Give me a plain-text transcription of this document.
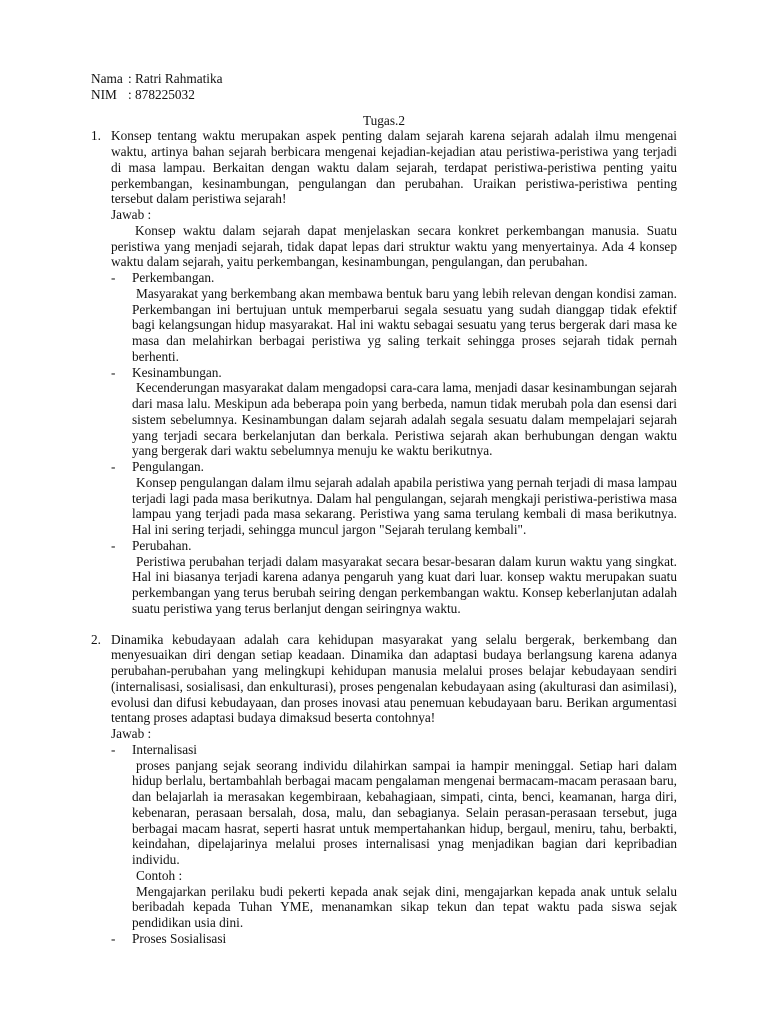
Nama : Ratri Rahmatika
NIM : 878225032
Tugas.2
1. Konsep tentang waktu merupakan aspek penting dalam sejarah karena sejarah adalah ilmu mengenai waktu, artinya bahan sejarah berbicara mengenai kejadian-kejadian atau peristiwa-peristiwa yang terjadi di masa lampau. Berkaitan dengan waktu dalam sejarah, terdapat peristiwa-peristiwa penting yaitu perkembangan, kesinambungan, pengulangan dan perubahan. Uraikan peristiwa-peristiwa penting tersebut dalam peristiwa sejarah!
Jawab :
Konsep waktu dalam sejarah dapat menjelaskan secara konkret perkembangan manusia. Suatu peristiwa yang menjadi sejarah, tidak dapat lepas dari struktur waktu yang menyertainya. Ada 4 konsep waktu dalam sejarah, yaitu perkembangan, kesinambungan, pengulangan, dan perubahan.
- Perkembangan.
Masyarakat yang berkembang akan membawa bentuk baru yang lebih relevan dengan kondisi zaman. Perkembangan ini bertujuan untuk memperbarui segala sesuatu yang sudah dianggap tidak efektif bagi kelangsungan hidup masyarakat. Hal ini waktu sebagai sesuatu yang terus bergerak dari masa ke masa dan melahirkan berbagai peristiwa yg saling terkait sehingga proses sejarah tidak pernah berhenti.
- Kesinambungan.
Kecenderungan masyarakat dalam mengadopsi cara-cara lama, menjadi dasar kesinambungan sejarah dari masa lalu. Meskipun ada beberapa poin yang berbeda, namun tidak merubah pola dan esensi dari sistem sebelumnya. Kesinambungan dalam sejarah adalah segala sesuatu dalam mempelajari sejarah yang terjadi secara berkelanjutan dan berkala. Peristiwa sejarah akan berhubungan dengan waktu yang bergerak dari waktu sebelumnya menuju ke waktu berikutnya.
- Pengulangan.
Konsep pengulangan dalam ilmu sejarah adalah apabila peristiwa yang pernah terjadi di masa lampau terjadi lagi pada masa berikutnya. Dalam hal pengulangan, sejarah mengkaji peristiwa-peristiwa masa lampau yang terjadi pada masa sekarang. Peristiwa yang sama terulang kembali di masa berikutnya. Hal ini sering terjadi, sehingga muncul jargon "Sejarah terulang kembali".
- Perubahan.
Peristiwa perubahan terjadi dalam masyarakat secara besar-besaran dalam kurun waktu yang singkat. Hal ini biasanya terjadi karena adanya pengaruh yang kuat dari luar. konsep waktu merupakan suatu perkembangan yang terus berubah seiring dengan perkembangan waktu. Konsep keberlanjutan adalah suatu peristiwa yang terus berlanjut dengan seiringnya waktu.
2. Dinamika kebudayaan adalah cara kehidupan masyarakat yang selalu bergerak, berkembang dan menyesuaikan diri dengan setiap keadaan. Dinamika dan adaptasi budaya berlangsung karena adanya perubahan-perubahan yang melingkupi kehidupan manusia melalui proses belajar kebudayaan sendiri (internalisasi, sosialisasi, dan enkulturasi), proses pengenalan kebudayaan asing (akulturasi dan asimilasi), evolusi dan difusi kebudayaan, dan proses inovasi atau penemuan kebudayaan baru. Berikan argumentasi tentang proses adaptasi budaya dimaksud beserta contohnya!
Jawab :
- Internalisasi
proses panjang sejak seorang individu dilahirkan sampai ia hampir meninggal. Setiap hari dalam hidup berlalu, bertambahlah berbagai macam pengalaman mengenai bermacam-macam perasaan baru, dan belajarlah ia merasakan kegembiraan, kebahagiaan, simpati, cinta, benci, keamanan, harga diri, kebenaran, perasaan bersalah, dosa, malu, dan sebagianya. Selain perasan-perasaan tersebut, juga berbagai macam hasrat, seperti hasrat untuk mempertahankan hidup, bergaul, meniru, tahu, berbakti, keindahan, dipelajarinya melalui proses internalisasi ynag menjadikan bagian dari kepribadian individu.
Contoh :
Mengajarkan perilaku budi pekerti kepada anak sejak dini, mengajarkan kepada anak untuk selalu beribadah kepada Tuhan YME, menanamkan sikap tekun dan tepat waktu pada siswa sejak pendidikan usia dini.
- Proses Sosialisasi
